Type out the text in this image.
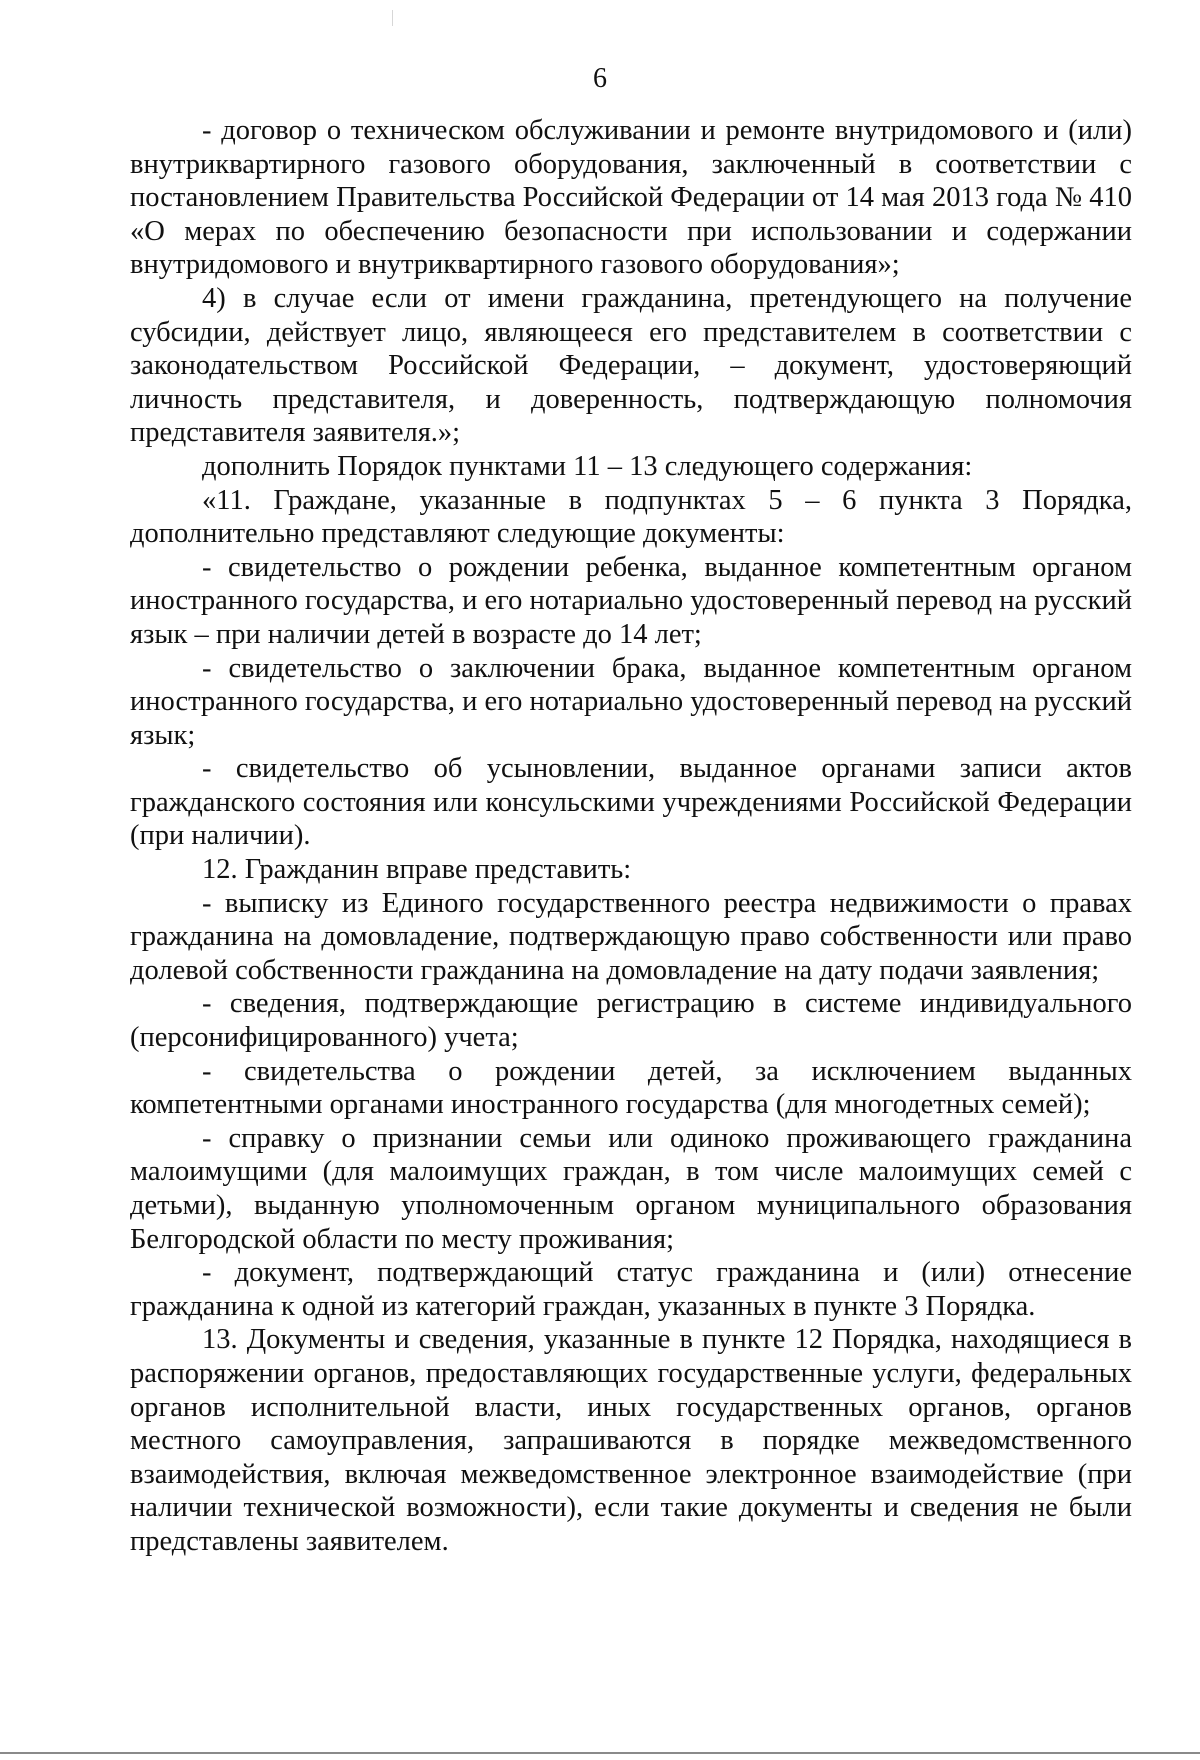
6

- договор о техническом обслуживании и ремонте внутридомового и (или) внутриквартирного газового оборудования, заключенный в соответствии с постановлением Правительства Российской Федерации от 14 мая 2013 года № 410 «О мерах по обеспечению безопасности при использовании и содержании внутридомового и внутриквартирного газового оборудования»;

4) в случае если от имени гражданина, претендующего на получение субсидии, действует лицо, являющееся его представителем в соответствии с законодательством Российской Федерации, – документ, удостоверяющий личность представителя, и доверенность, подтверждающую полномочия представителя заявителя.»;

дополнить Порядок пунктами 11 – 13 следующего содержания:

«11. Граждане, указанные в подпунктах 5 – 6 пункта 3 Порядка, дополнительно представляют следующие документы:

- свидетельство о рождении ребенка, выданное компетентным органом иностранного государства, и его нотариально удостоверенный перевод на русский язык – при наличии детей в возрасте до 14 лет;

- свидетельство о заключении брака, выданное компетентным органом иностранного государства, и его нотариально удостоверенный перевод на русский язык;

- свидетельство об усыновлении, выданное органами записи актов гражданского состояния или консульскими учреждениями Российской Федерации (при наличии).

12. Гражданин вправе представить:

- выписку из Единого государственного реестра недвижимости о правах гражданина на домовладение, подтверждающую право собственности или право долевой собственности гражданина на домовладение на дату подачи заявления;

- сведения, подтверждающие регистрацию в системе индивидуального (персонифицированного) учета;

- свидетельства о рождении детей, за исключением выданных компетентными органами иностранного государства (для многодетных семей);

- справку о признании семьи или одиноко проживающего гражданина малоимущими (для малоимущих граждан, в том числе малоимущих семей с детьми), выданную уполномоченным органом муниципального образования Белгородской области по месту проживания;

- документ, подтверждающий статус гражданина и (или) отнесение гражданина к одной из категорий граждан, указанных в пункте 3 Порядка.

13. Документы и сведения, указанные в пункте 12 Порядка, находящиеся в распоряжении органов, предоставляющих государственные услуги, федеральных органов исполнительной власти, иных государственных органов, органов местного самоуправления, запрашиваются в порядке межведомственного взаимодействия, включая межведомственное электронное взаимодействие (при наличии технической возможности), если такие документы и сведения не были представлены заявителем.
